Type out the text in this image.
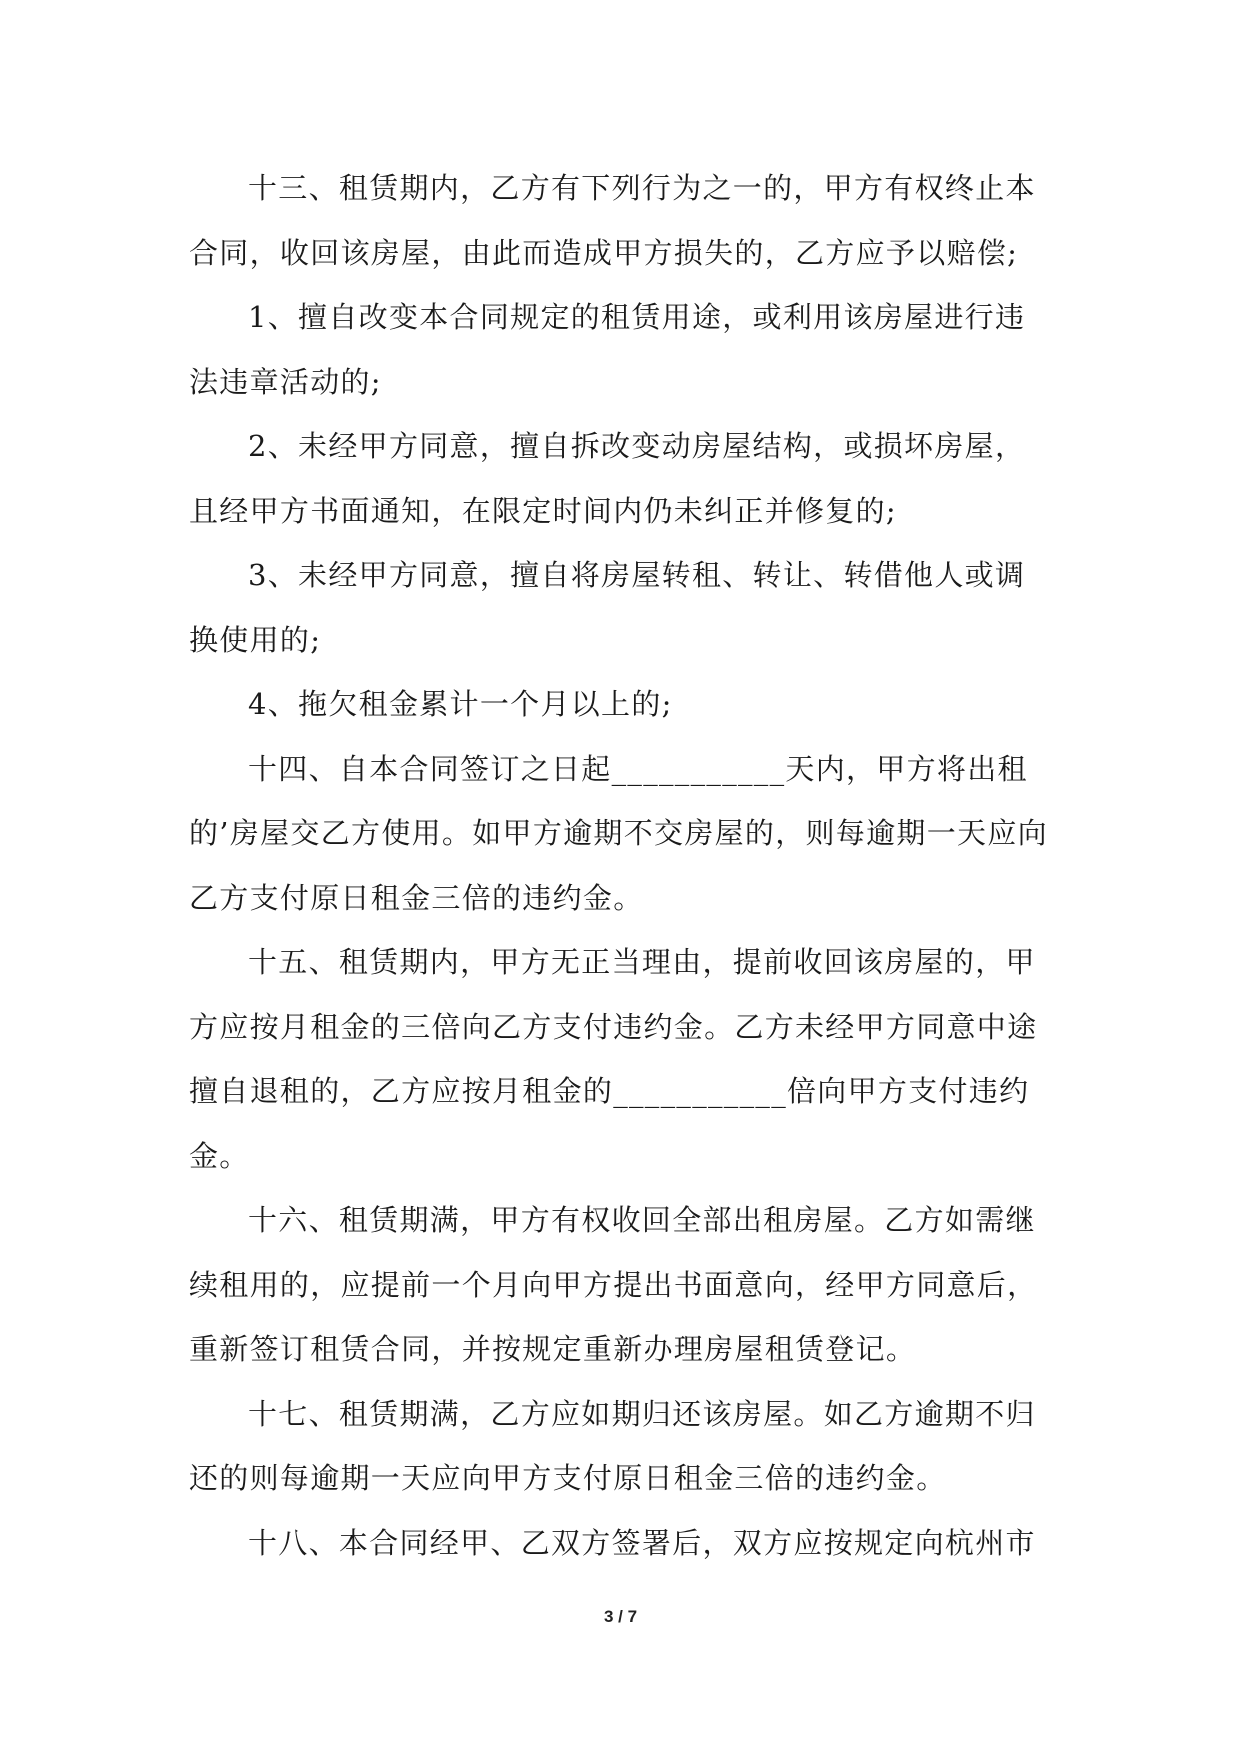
十三、租赁期内，乙方有下列行为之一的，甲方有权终止本合同，收回该房屋，由此而造成甲方损失的，乙方应予以赔偿;

1、擅自改变本合同规定的租赁用途，或利用该房屋进行违法违章活动的;

2、未经甲方同意，擅自拆改变动房屋结构，或损坏房屋，且经甲方书面通知，在限定时间内仍未纠正并修复的;

3、未经甲方同意，擅自将房屋转租、转让、转借他人或调换使用的;

4、拖欠租金累计一个月以上的;

十四、自本合同签订之日起___________天内，甲方将出租的’房屋交乙方使用。如甲方逾期不交房屋的，则每逾期一天应向乙方支付原日租金三倍的违约金。

十五、租赁期内，甲方无正当理由，提前收回该房屋的，甲方应按月租金的三倍向乙方支付违约金。乙方未经甲方同意中途擅自退租的，乙方应按月租金的___________倍向甲方支付违约金。

十六、租赁期满，甲方有权收回全部出租房屋。乙方如需继续租用的，应提前一个月向甲方提出书面意向，经甲方同意后，重新签订租赁合同，并按规定重新办理房屋租赁登记。

十七、租赁期满，乙方应如期归还该房屋。如乙方逾期不归还的则每逾期一天应向甲方支付原日租金三倍的违约金。

十八、本合同经甲、乙双方签署后，双方应按规定向杭州市

3 / 7
